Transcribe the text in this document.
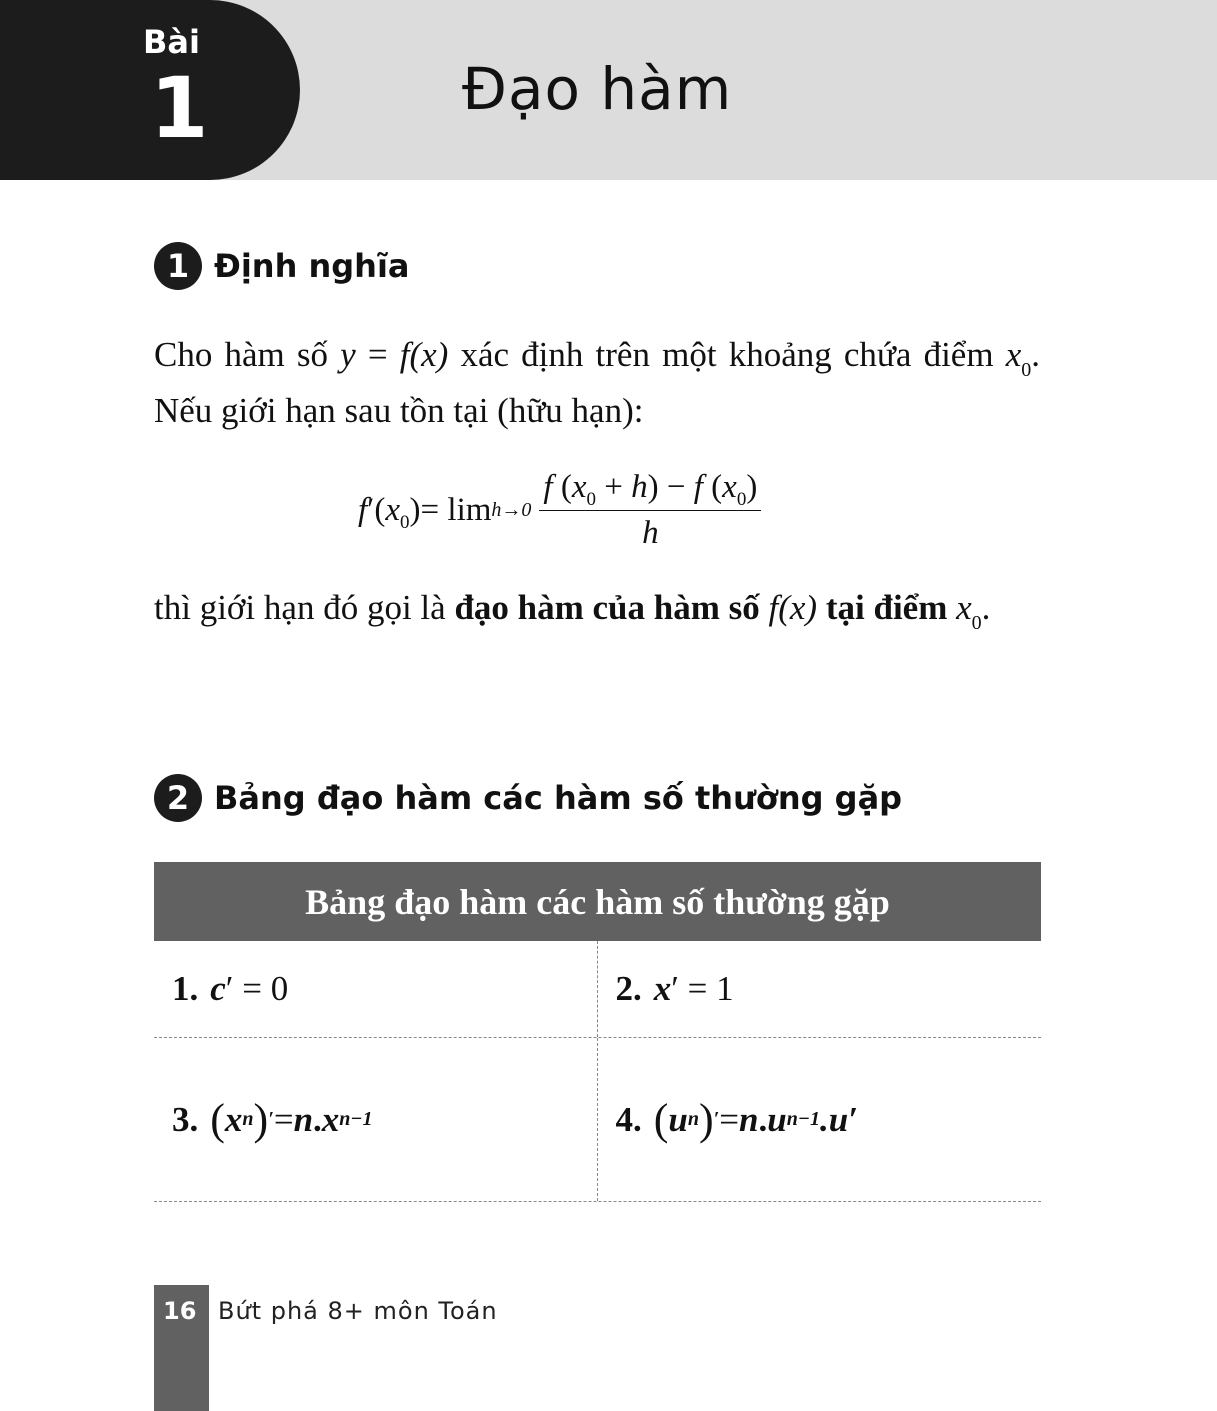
Bài
1	Đạo hàm
1 Định nghĩa
Cho hàm số y = f(x) xác định trên một khoảng chứa điểm $x_0$. Nếu giới hạn sau tồn tại (hữu hạn):
$f'(x_0) = \lim h\to 0 \frac{f (x_0 + h) - f (x_0)}{h}$
thì giới hạn đó gọi là đạo hàm của hàm số f(x) tại điểm $x_0$.
2 Bảng đạo hàm các hàm số thường gặp
Bảng đạo hàm các hàm số thường gặp
1. c ′ = 0	2. x ′ = 1
3. ( x n ) ′ = n . x n−1	4. ( u n ) ′ = n . u n−1 .u′
16 Bứt phá 8+ môn Toán
